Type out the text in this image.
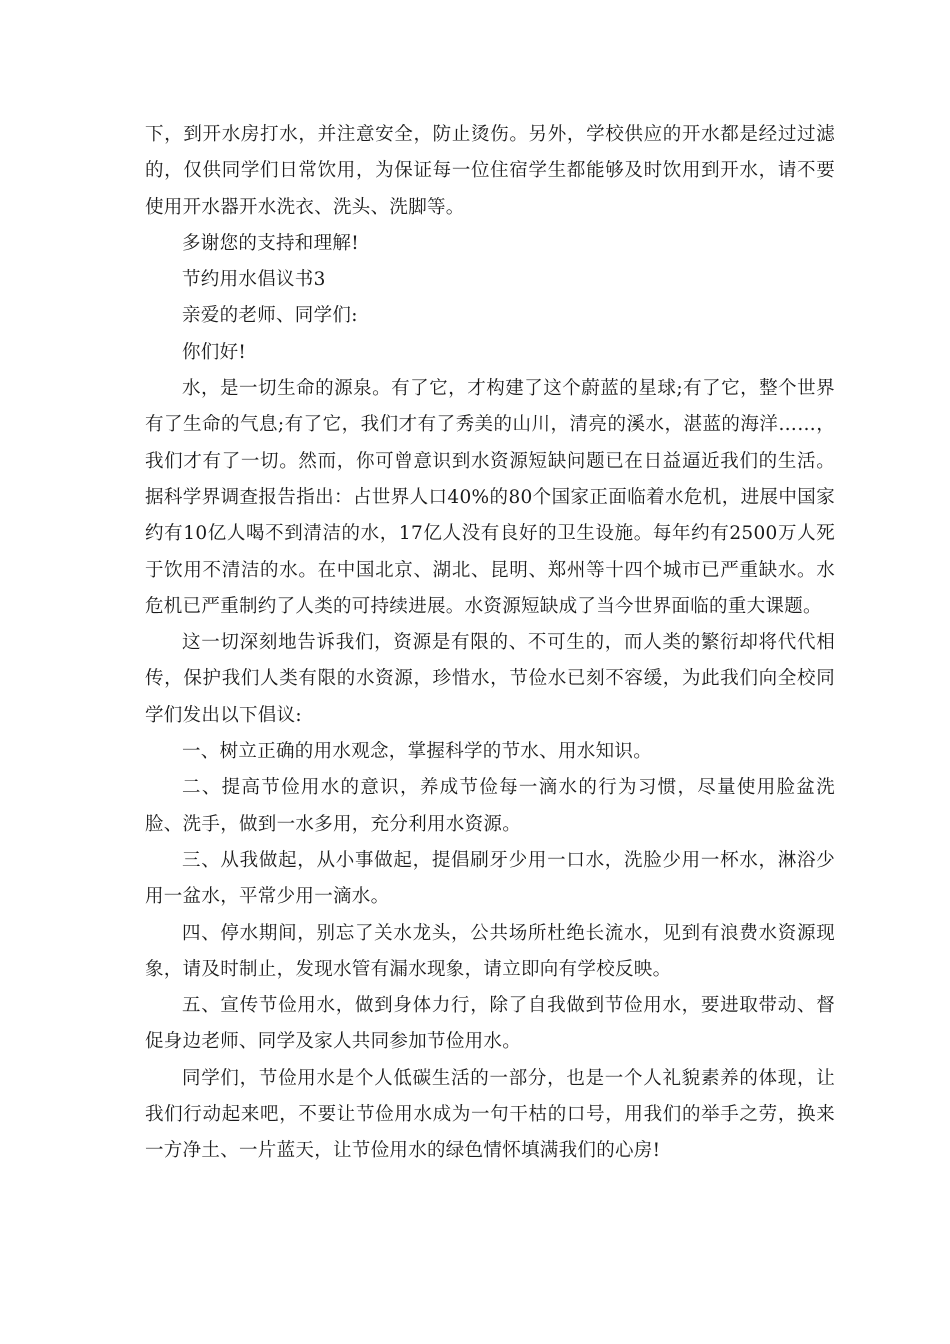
下，到开水房打水，并注意安全，防止烫伤。另外，学校供应的开水都是经过过滤的，仅供同学们日常饮用，为保证每一位住宿学生都能够及时饮用到开水，请不要使用开水器开水洗衣、洗头、洗脚等。

多谢您的支持和理解!

节约用水倡议书3

亲爱的老师、同学们:

你们好!

水，是一切生命的源泉。有了它，才构建了这个蔚蓝的星球;有了它，整个世界有了生命的气息;有了它，我们才有了秀美的山川，清亮的溪水，湛蓝的海洋……，我们才有了一切。然而，你可曾意识到水资源短缺问题已在日益逼近我们的生活。据科学界调查报告指出：占世界人口40%的80个国家正面临着水危机，进展中国家约有10亿人喝不到清洁的水，17亿人没有良好的卫生设施。每年约有2500万人死于饮用不清洁的水。在中国北京、湖北、昆明、郑州等十四个城市已严重缺水。水危机已严重制约了人类的可持续进展。水资源短缺成了当今世界面临的重大课题。

这一切深刻地告诉我们，资源是有限的、不可生的，而人类的繁衍却将代代相传，保护我们人类有限的水资源，珍惜水，节俭水已刻不容缓，为此我们向全校同学们发出以下倡议:

一、树立正确的用水观念，掌握科学的节水、用水知识。

二、提高节俭用水的意识，养成节俭每一滴水的行为习惯，尽量使用脸盆洗脸、洗手，做到一水多用，充分利用水资源。

三、从我做起，从小事做起，提倡刷牙少用一口水，洗脸少用一杯水，淋浴少用一盆水，平常少用一滴水。

四、停水期间，别忘了关水龙头，公共场所杜绝长流水，见到有浪费水资源现象，请及时制止，发现水管有漏水现象，请立即向有学校反映。

五、宣传节俭用水，做到身体力行，除了自我做到节俭用水，要进取带动、督促身边老师、同学及家人共同参加节俭用水。

同学们，节俭用水是个人低碳生活的一部分，也是一个人礼貌素养的体现，让我们行动起来吧，不要让节俭用水成为一句干枯的口号，用我们的举手之劳，换来一方净土、一片蓝天，让节俭用水的绿色情怀填满我们的心房!
